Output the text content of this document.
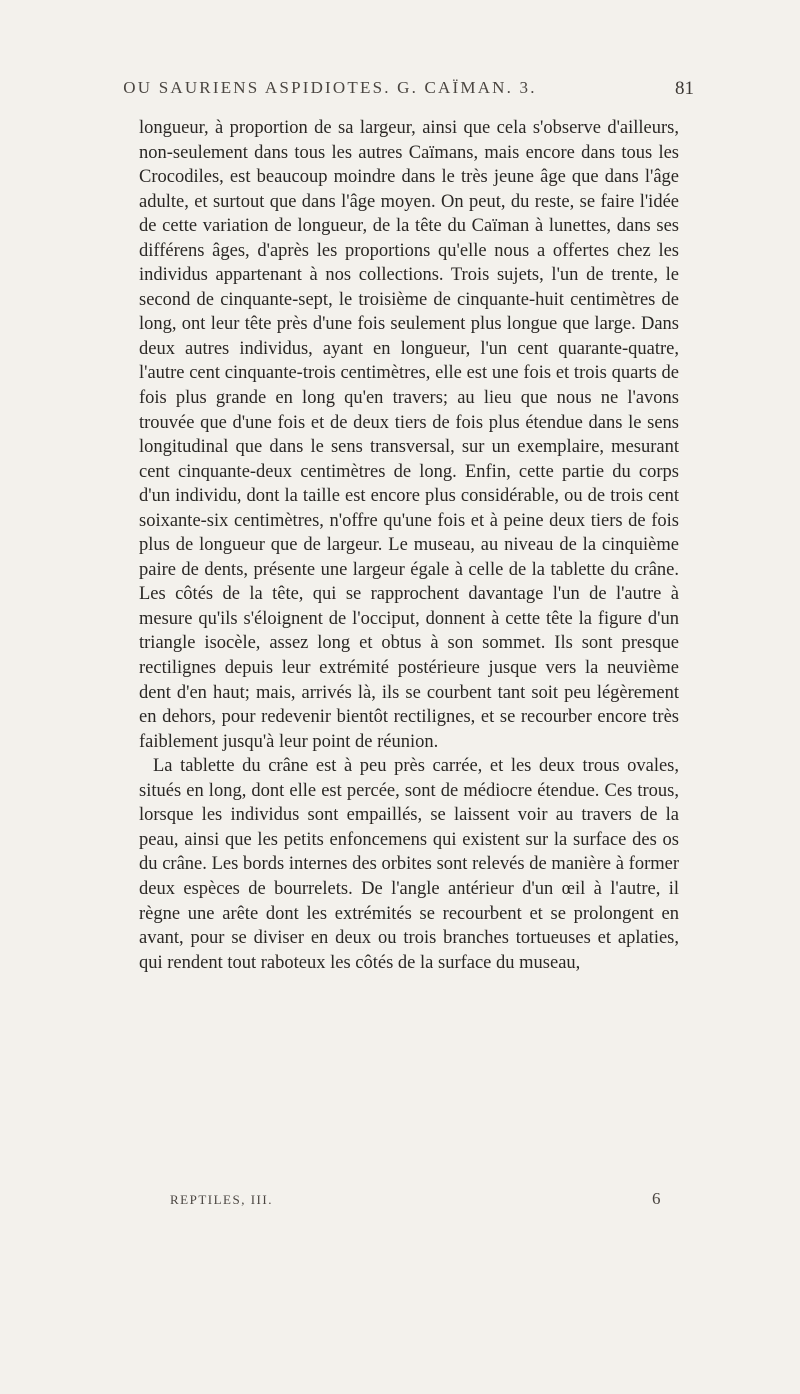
OU SAURIENS ASPIDIOTES. G. CAÏMAN. 3.	81

longueur, à proportion de sa largeur, ainsi que cela s'observe d'ailleurs, non-seulement dans tous les autres Caïmans, mais encore dans tous les Crocodiles, est beaucoup moindre dans le très jeune âge que dans l'âge adulte, et surtout que dans l'âge moyen. On peut, du reste, se faire l'idée de cette variation de longueur, de la tête du Caïman à lunettes, dans ses différens âges, d'après les proportions qu'elle nous a offertes chez les individus appartenant à nos collections. Trois sujets, l'un de trente, le second de cinquante-sept, le troisième de cinquante-huit centimètres de long, ont leur tête près d'une fois seulement plus longue que large. Dans deux autres individus, ayant en longueur, l'un cent quarante-quatre, l'autre cent cinquante-trois centimètres, elle est une fois et trois quarts de fois plus grande en long qu'en travers; au lieu que nous ne l'avons trouvée que d'une fois et de deux tiers de fois plus étendue dans le sens longitudinal que dans le sens transversal, sur un exemplaire, mesurant cent cinquante-deux centimètres de long. Enfin, cette partie du corps d'un individu, dont la taille est encore plus considérable, ou de trois cent soixante-six centimètres, n'offre qu'une fois et à peine deux tiers de fois plus de longueur que de largeur. Le museau, au niveau de la cinquième paire de dents, présente une largeur égale à celle de la tablette du crâne. Les côtés de la tête, qui se rapprochent davantage l'un de l'autre à mesure qu'ils s'éloignent de l'occiput, donnent à cette tête la figure d'un triangle isocèle, assez long et obtus à son sommet. Ils sont presque rectilignes depuis leur extrémité postérieure jusque vers la neuvième dent d'en haut; mais, arrivés là, ils se courbent tant soit peu légèrement en dehors, pour redevenir bientôt rectilignes, et se recourber encore très faiblement jusqu'à leur point de réunion.

La tablette du crâne est à peu près carrée, et les deux trous ovales, situés en long, dont elle est percée, sont de médiocre étendue. Ces trous, lorsque les individus sont empaillés, se laissent voir au travers de la peau, ainsi que les petits enfoncemens qui existent sur la surface des os du crâne. Les bords internes des orbites sont relevés de manière à former deux espèces de bourrelets. De l'angle antérieur d'un œil à l'autre, il règne une arête dont les extrémités se recourbent et se prolongent en avant, pour se diviser en deux ou trois branches tortueuses et aplaties, qui rendent tout raboteux les côtés de la surface du museau,

REPTILES, III.	6
